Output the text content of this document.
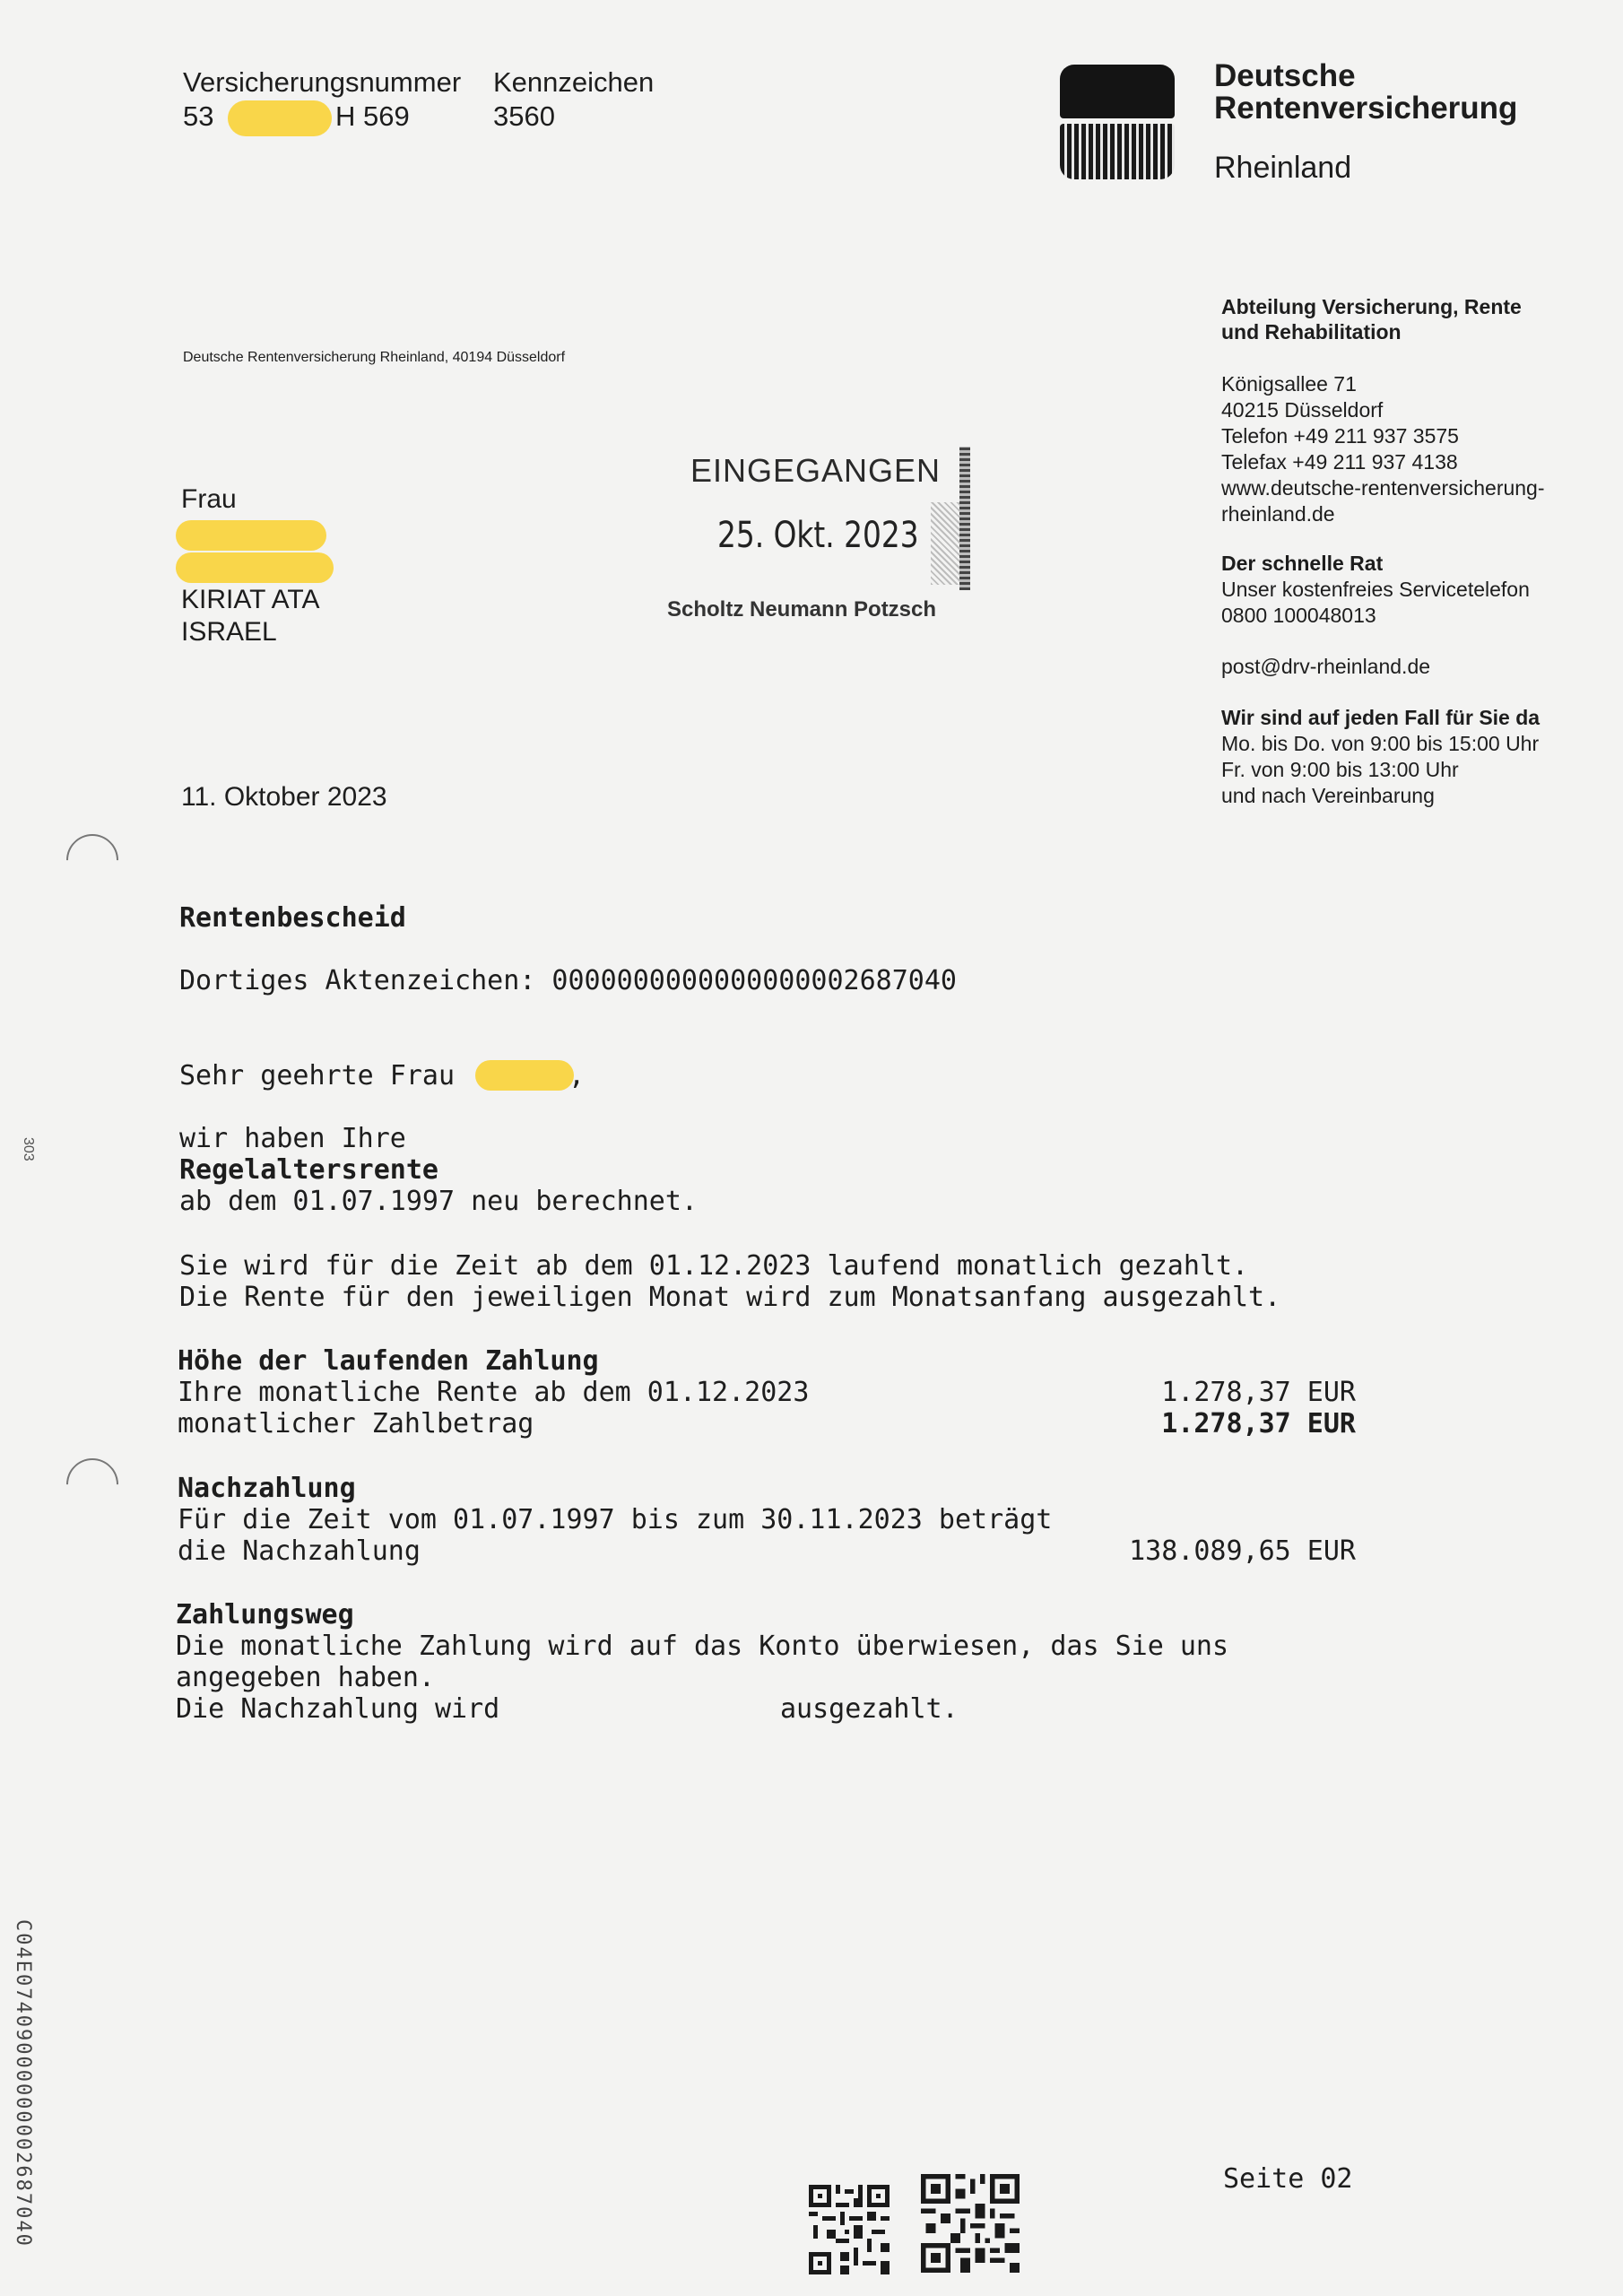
Versicherungsnummer
53	H 569
Kennzeichen
3560
Deutsche
Rentenversicherung
Rheinland
Deutsche Rentenversicherung Rheinland, 40194 Düsseldorf
Frau
KIRIAT ATA
ISRAEL
EINGEGANGEN
25. Okt. 2023
Scholtz Neumann Potzsch
Abteilung Versicherung, Rente
und Rehabilitation
Königsallee 71
40215 Düsseldorf
Telefon +49 211 937 3575
Telefax +49 211 937 4138
www.deutsche-rentenversicherung-
rheinland.de
Der schnelle Rat
Unser kostenfreies Servicetelefon
0800 100048013
post@drv-rheinland.de
Wir sind auf jeden Fall für Sie da
Mo. bis Do. von 9:00 bis 15:00 Uhr
Fr. von 9:00 bis 13:00 Uhr
und nach Vereinbarung
11. Oktober 2023
Rentenbescheid
Dortiges Aktenzeichen: 0000000000000000002687040
Sehr geehrte Frau	,
wir haben Ihre
Regelaltersrente
ab dem 01.07.1997 neu berechnet.
Sie wird für die Zeit ab dem 01.12.2023 laufend monatlich gezahlt.
Die Rente für den jeweiligen Monat wird zum Monatsanfang ausgezahlt.
Höhe der laufenden Zahlung
Ihre monatliche Rente ab dem 01.12.2023	1.278,37 EUR
monatlicher Zahlbetrag	1.278,37 EUR
Nachzahlung
Für die Zeit vom 01.07.1997 bis zum 30.11.2023 beträgt
die Nachzahlung	138.089,65 EUR
Zahlungsweg
Die monatliche Zahlung wird auf das Konto überwiesen, das Sie uns
angegeben haben.
Die Nachzahlung wird	ausgezahlt.
Seite 02
303
C04E07409000000002687040
